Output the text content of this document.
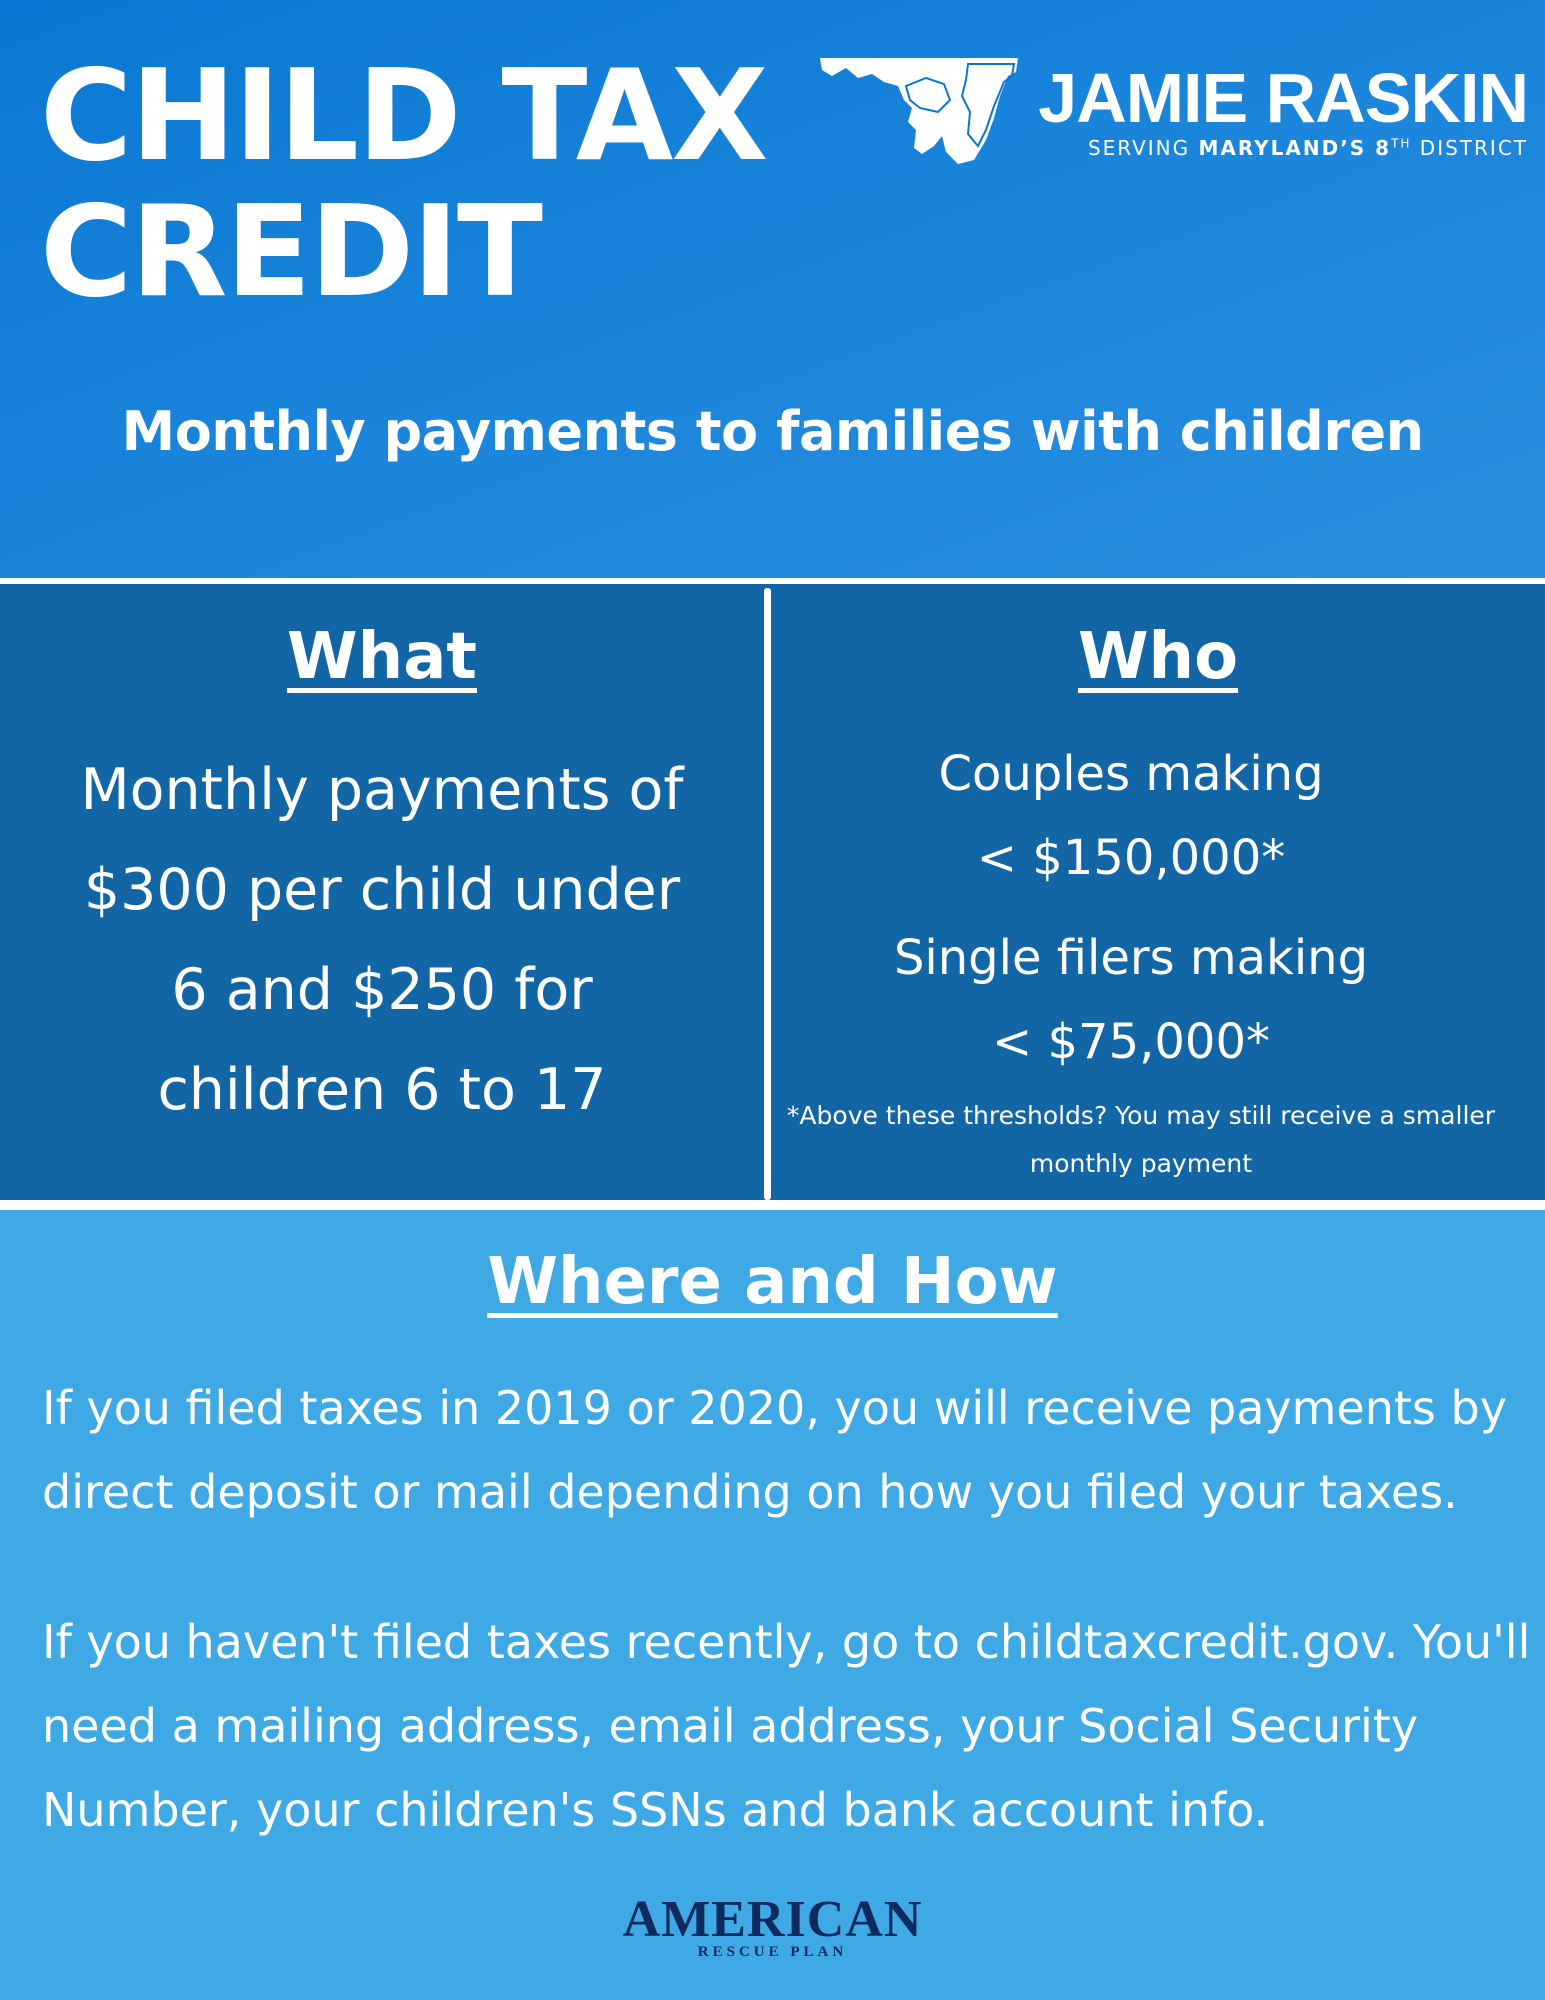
CHILD TAX
CREDIT
JAMIE RASKIN
SERVING MARYLAND’S 8TH DISTRICT
Monthly payments to families with children
What
Monthly payments of $300 per child under 6 and $250 for children 6 to 17
Who
Couples making
< $150,000*
Single filers making
< $75,000*
*Above these thresholds? You may still receive a smaller monthly payment
Where and How

If you filed taxes in 2019 or 2020, you will receive payments by direct deposit or mail depending on how you filed your taxes.

If you haven't filed taxes recently, go to childtaxcredit.gov. You'll need a mailing address, email address, your Social Security Number, your children's SSNs and bank account info.

AMERICAN
RESCUE PLAN
